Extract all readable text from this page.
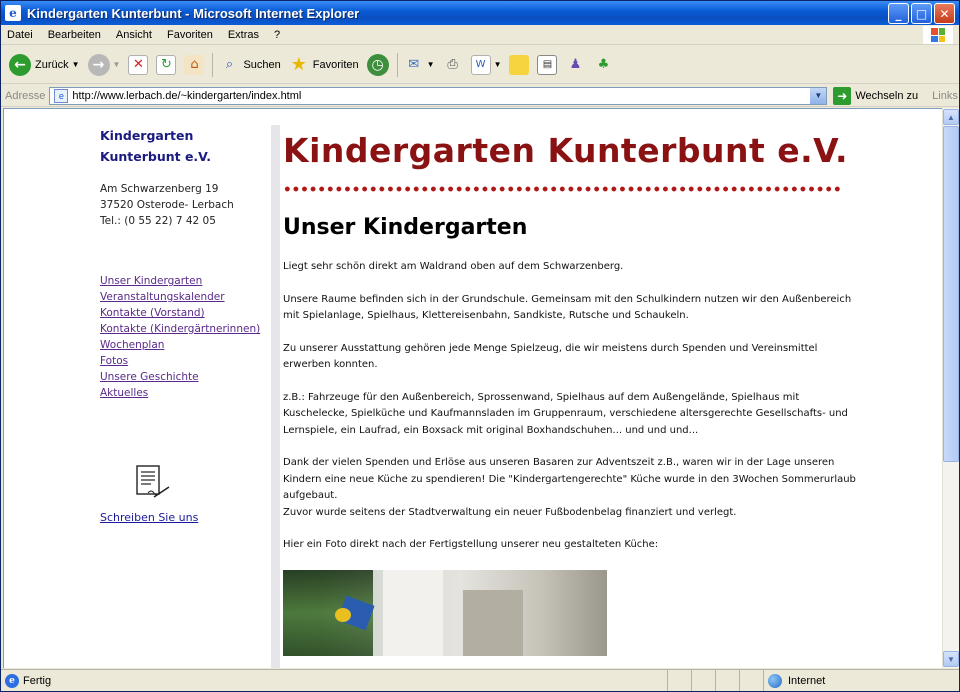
e Kindergarten Kunterbunt - Microsoft Internet Explorer	_	□	✕
Datei Bearbeiten Ansicht Favoriten Extras ?
← Zurück ▼ →	▼ ✕	↻	⌂	⌕ Suchen ★ Favoriten ◷	✉ ▼ ⎙	W	▼	▤	♟	♣
Adresse	e
http://www.lerbach.de/~kindergarten/index.html	▼	➜ Wechseln zu Links
Kindergarten
Kunterbunt e.V.
Am Schwarzenberg 19
37520 Osterode- Lerbach
Tel.: (0 55 22) 7 42 05
Unser Kindergarten
Veranstaltungskalender
Kontakte (Vorstand)
Kontakte (Kindergärtnerinnen)
Wochenplan
Fotos
Unsere Geschichte
Aktuelles
Schreiben Sie uns
Kindergarten Kunterbunt e.V.
Unser Kindergarten

Liegt sehr schön direkt am Waldrand oben auf dem Schwarzenberg.

Unsere Raume befinden sich in der Grundschule. Gemeinsam mit den Schulkindern nutzen wir den Außenbereich mit Spielanlage, Spielhaus, Klettereisenbahn, Sandkiste, Rutsche und Schaukeln.

Zu unserer Ausstattung gehören jede Menge Spielzeug, die wir meistens durch Spenden und Vereinsmittel erwerben konnten.

z.B.: Fahrzeuge für den Außenbereich, Sprossenwand, Spielhaus auf dem Außengelände, Spielhaus mit Kuschelecke, Spielküche und Kaufmannsladen im Gruppenraum, verschiedene altersgerechte Gesellschafts- und Lernspiele, ein Laufrad, ein Boxsack mit original Boxhandschuhen... und und und...

Dank der vielen Spenden und Erlöse aus unseren Basaren zur Adventszeit z.B., waren wir in der Lage unseren Kindern eine neue Küche zu spendieren! Die "Kindergartengerechte" Küche wurde in den 3Wochen Sommerurlaub aufgebaut.

Zuvor wurde seitens der Stadtverwaltung ein neuer Fußbodenbelag finanziert und verlegt.

Hier ein Foto direkt nach der Fertigstellung unserer neu gestalteten Küche:

▲
▼
e Fertig	Internet
